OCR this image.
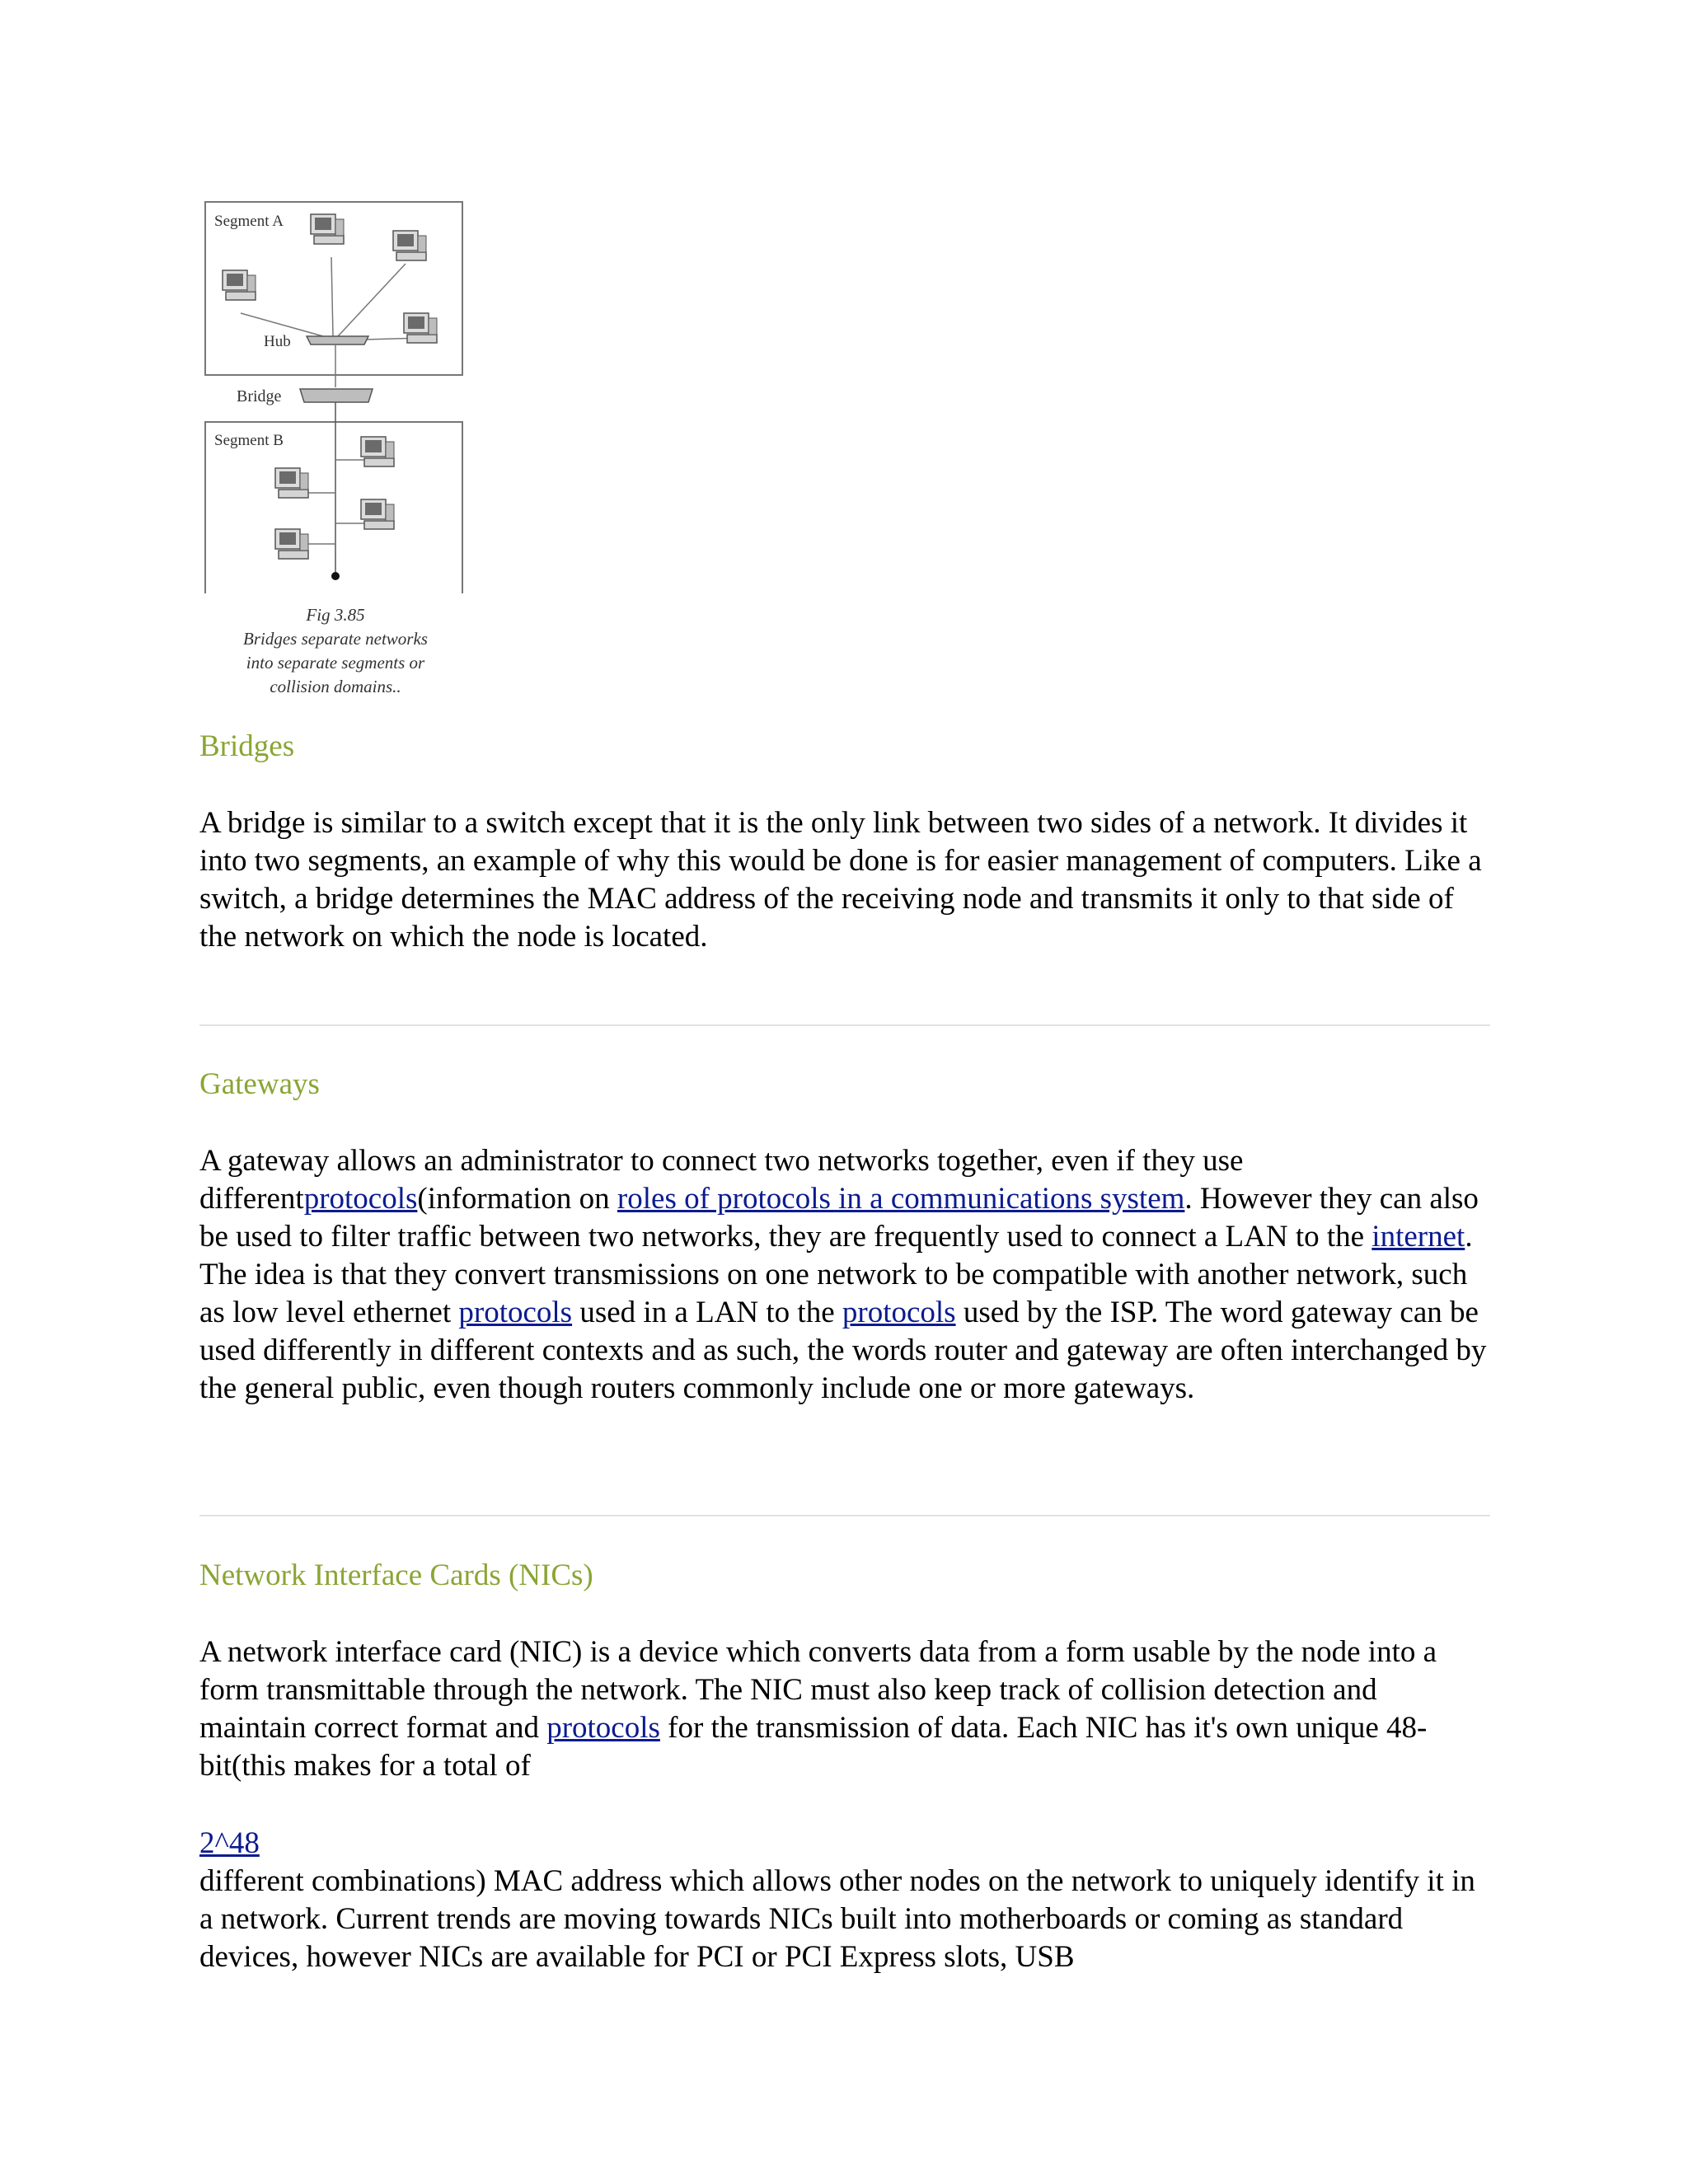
Segment A
Hub
Bridge
Segment B
Fig 3.85
Bridges separate networks
into separate segments or
collision domains..
Bridges

A bridge is similar to a switch except that it is the only link between two sides of a network. It divides it into two segments, an example of why this would be done is for easier management of computers. Like a switch, a bridge determines the MAC address of the receiving node and transmits it only to that side of the network on which the node is located.

Gateways

A gateway allows an administrator to connect two networks together, even if they use differentprotocols(information on roles of protocols in a communications system. However they can also be used to filter traffic between two networks, they are frequently used to connect a LAN to the internet. The idea is that they convert transmissions on one network to be compatible with another network, such as low level ethernet protocols used in a LAN to the protocols used by the ISP. The word gateway can be used differently in different contexts and as such, the words router and gateway are often interchanged by the general public, even though routers commonly include one or more gateways.

Network Interface Cards (NICs)

A network interface card (NIC) is a device which converts data from a form usable by the node into a form transmittable through the network. The NIC must also keep track of collision detection and maintain correct format and protocols for the transmission of data. Each NIC has it's own unique 48-bit(this makes for a total of

2^48

different combinations) MAC address which allows other nodes on the network to uniquely identify it in a network. Current trends are moving towards NICs built into motherboards or coming as standard devices, however NICs are available for PCI or PCI Express slots, USB
